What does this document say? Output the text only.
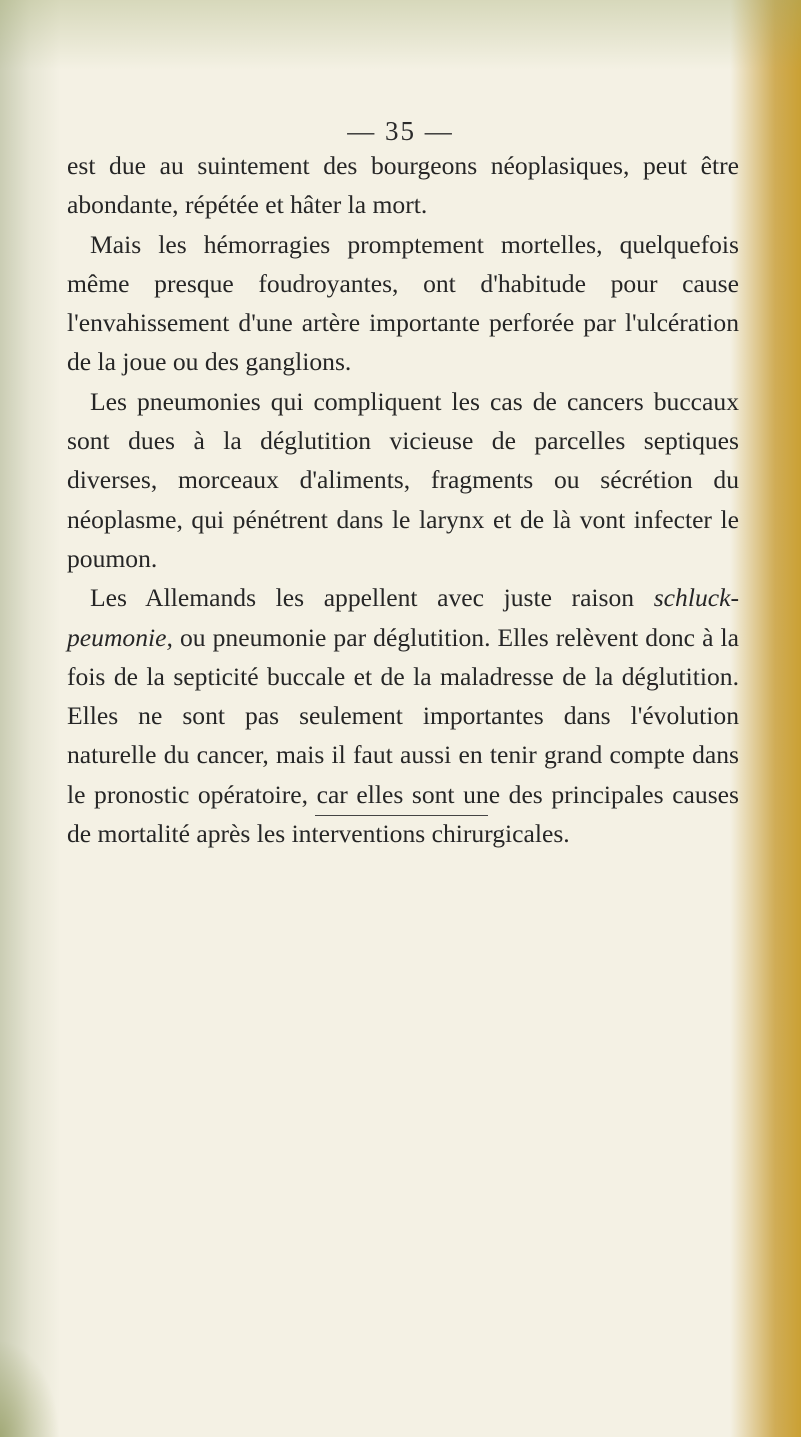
— 35 —

est due au suintement des bourgeons néoplasiques, peut être abondante, répétée et hâter la mort.

Mais les hémorragies promptement mortelles, quelquefois même presque foudroyantes, ont d'habitude pour cause l'envahissement d'une artère importante perforée par l'ulcération de la joue ou des ganglions.

Les pneumonies qui compliquent les cas de cancers buccaux sont dues à la déglutition vicieuse de parcelles septiques diverses, morceaux d'aliments, fragments ou sécrétion du néoplasme, qui pénétrent dans le larynx et de là vont infecter le poumon.

Les Allemands les appellent avec juste raison schluck-peumonie, ou pneumonie par déglutition. Elles relèvent donc à la fois de la septicité buccale et de la maladresse de la déglutition. Elles ne sont pas seulement importantes dans l'évolution naturelle du cancer, mais il faut aussi en tenir grand compte dans le pronostic opératoire, car elles sont une des principales causes de mortalité après les interventions chirurgicales.
